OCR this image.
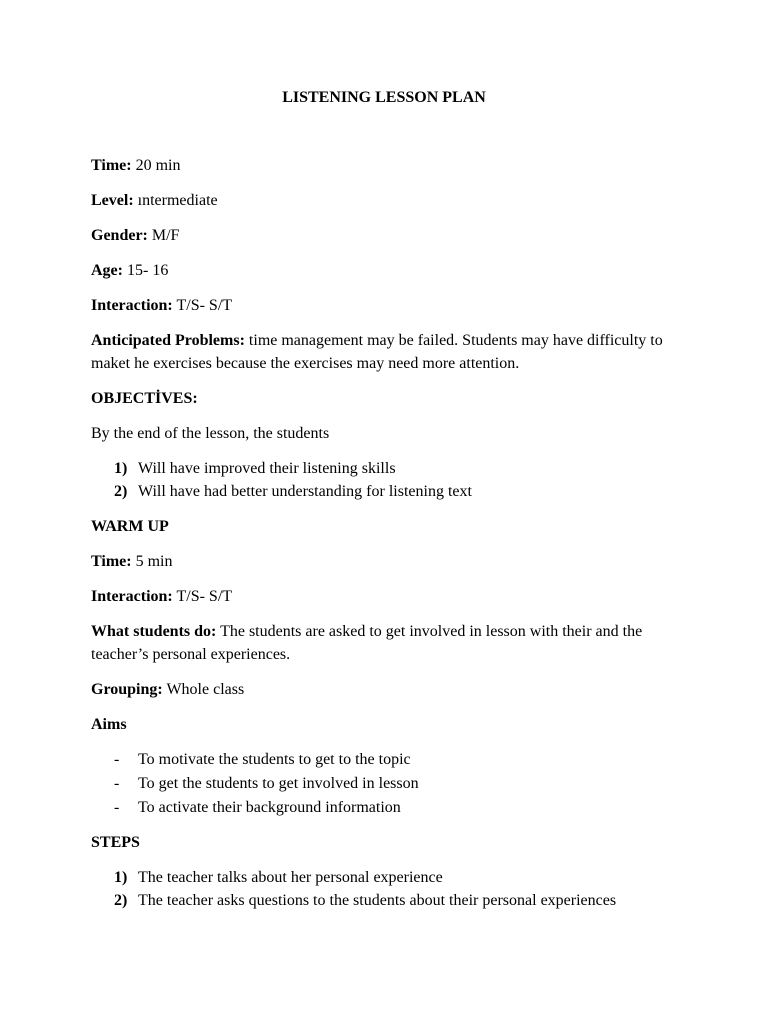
LISTENING LESSON PLAN

Time: 20 min

Level: ıntermediate

Gender: M/F

Age: 15- 16

Interaction: T/S- S/T

Anticipated Problems: time management may be failed. Students may have difficulty to maket he exercises because the exercises may need more attention.

OBJECTİVES:

By the end of the lesson, the students

1) Will have improved their listening skills
2) Will have had better understanding for listening text

WARM UP

Time: 5 min

Interaction: T/S- S/T

What students do: The students are asked to get involved in lesson with their and the teacher’s personal experiences.

Grouping: Whole class

Aims

- To motivate the students to get to the topic
- To get the students to get involved in lesson
- To activate their background information

STEPS

1) The teacher talks about her personal experience
2) The teacher asks questions to the students about their personal experiences
